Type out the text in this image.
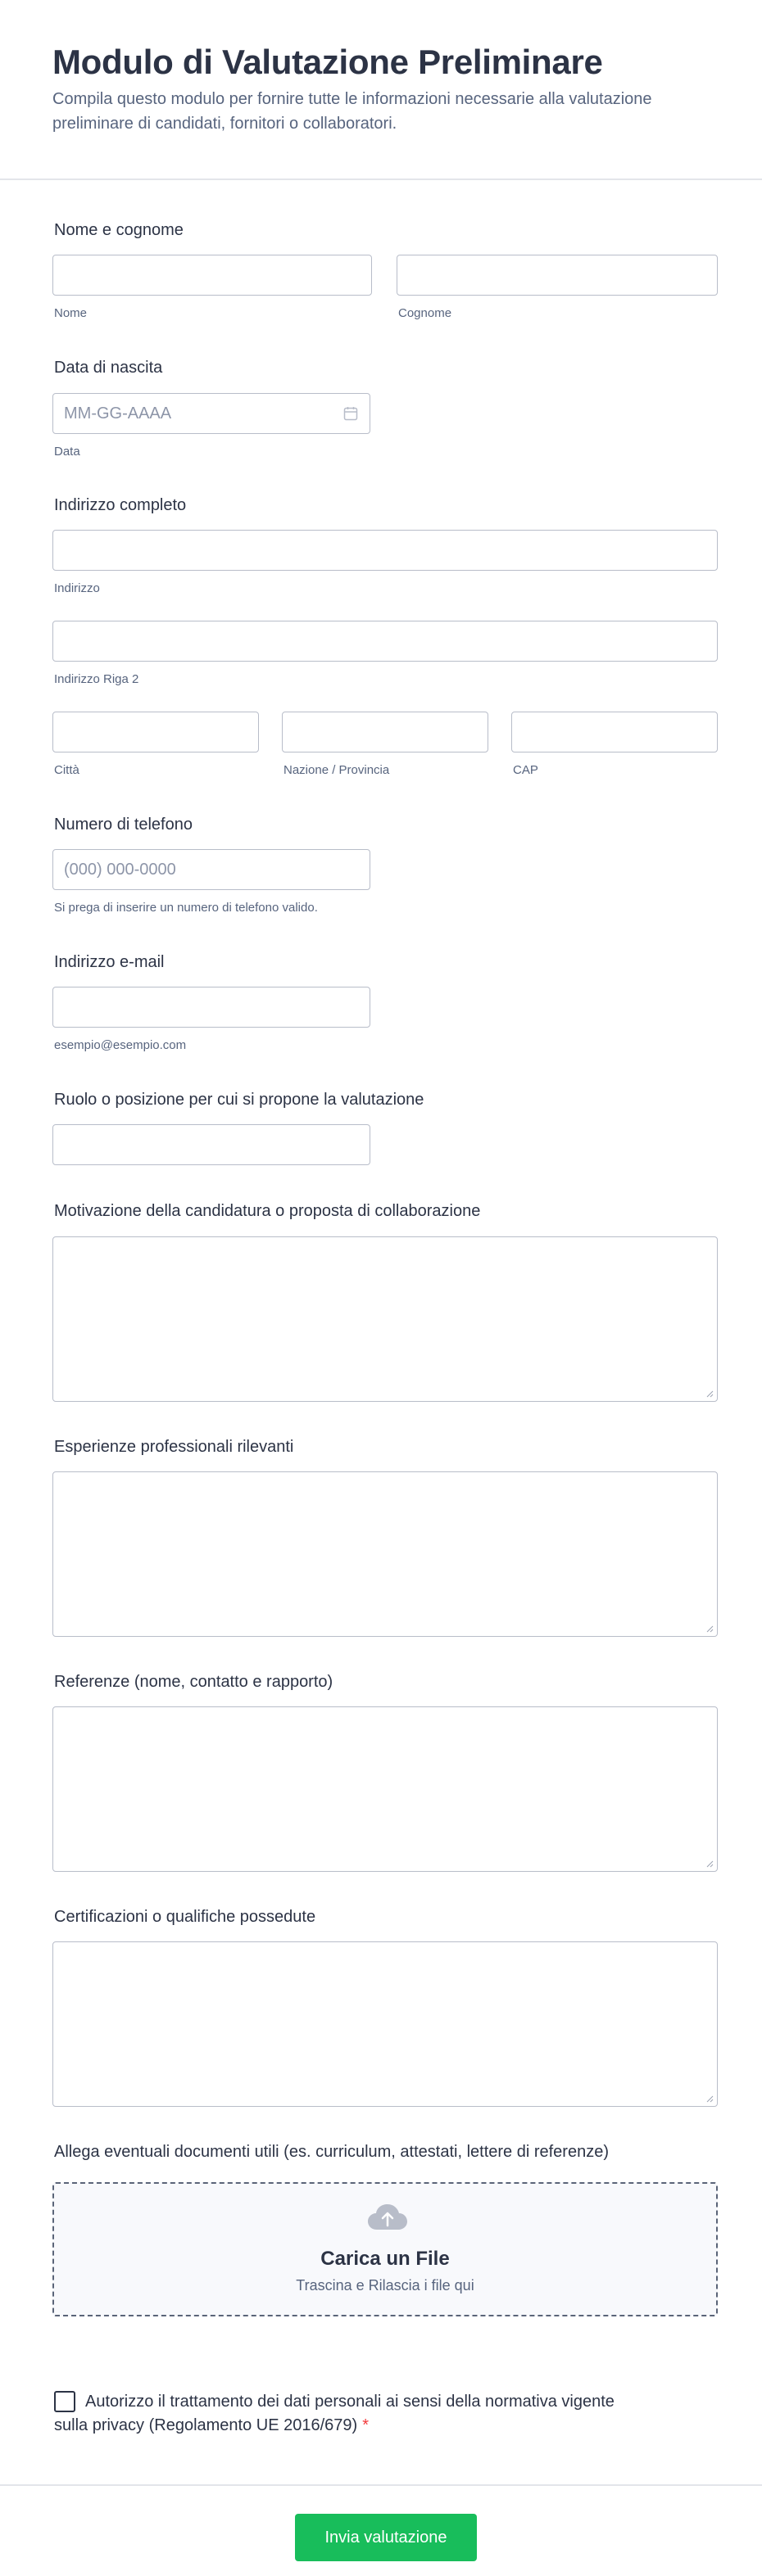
Modulo di Valutazione Preliminare

Compila questo modulo per fornire tutte le informazioni necessarie alla valutazione preliminare di candidati, fornitori o collaboratori.

Nome e cognome
Nome	Cognome
Data di nascita
MM-GG-AAAA
Data
Indirizzo completo
Indirizzo
Indirizzo Riga 2
Città	Nazione / Provincia	CAP
Numero di telefono
(000) 000-0000
Si prega di inserire un numero di telefono valido.
Indirizzo e-mail
esempio@esempio.com
Ruolo o posizione per cui si propone la valutazione
Motivazione della candidatura o proposta di collaborazione
Esperienze professionali rilevanti
Referenze (nome, contatto e rapporto)
Certificazioni o qualifiche possedute
Allega eventuali documenti utili (es. curriculum, attestati, lettere di referenze)
Carica un File
Trascina e Rilascia i file qui
Autorizzo il trattamento dei dati personali ai sensi della normativa vigente sulla privacy (Regolamento UE 2016/679) *
Invia valutazione
